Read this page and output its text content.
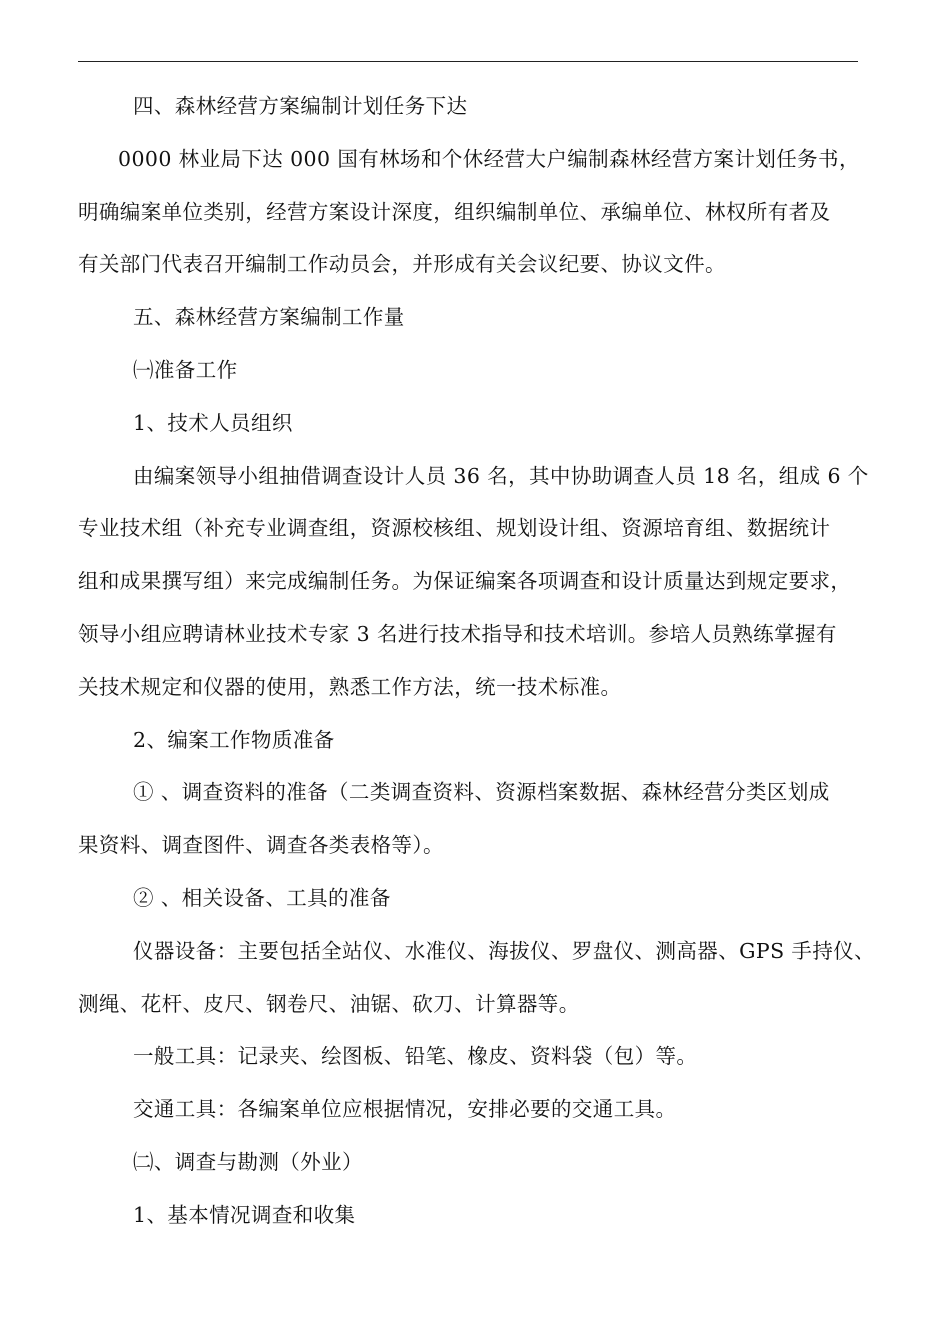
四、森林经营方案编制计划任务下达
0000 林业局下达 000 国有林场和个休经营大户编制森林经营方案计划任务书，
明确编案单位类别，经营方案设计深度，组织编制单位、承编单位、林权所有者及
有关部门代表召开编制工作动员会，并形成有关会议纪要、协议文件。
五、森林经营方案编制工作量
㈠准备工作
1、技术人员组织
由编案领导小组抽借调查设计人员 36 名，其中协助调查人员 18 名，组成 6 个
专业技术组（补充专业调查组，资源校核组、规划设计组、资源培育组、数据统计
组和成果撰写组）来完成编制任务。为保证编案各项调查和设计质量达到规定要求，
领导小组应聘请林业技术专家 3 名进行技术指导和技术培训。参培人员熟练掌握有
关技术规定和仪器的使用，熟悉工作方法，统一技术标准。
2、编案工作物质准备
① 、调查资料的准备（二类调查资料、资源档案数据、森林经营分类区划成
果资料、调查图件、调查各类表格等）。
② 、相关设备、工具的准备
仪器设备：主要包括全站仪、水准仪、海拔仪、罗盘仪、测高器、GPS 手持仪、
测绳、花杆、皮尺、钢卷尺、油锯、砍刀、计算器等。
一般工具：记录夹、绘图板、铅笔、橡皮、资料袋（包）等。
交通工具：各编案单位应根据情况，安排必要的交通工具。
㈡、调查与勘测（外业）
1、基本情况调查和收集
